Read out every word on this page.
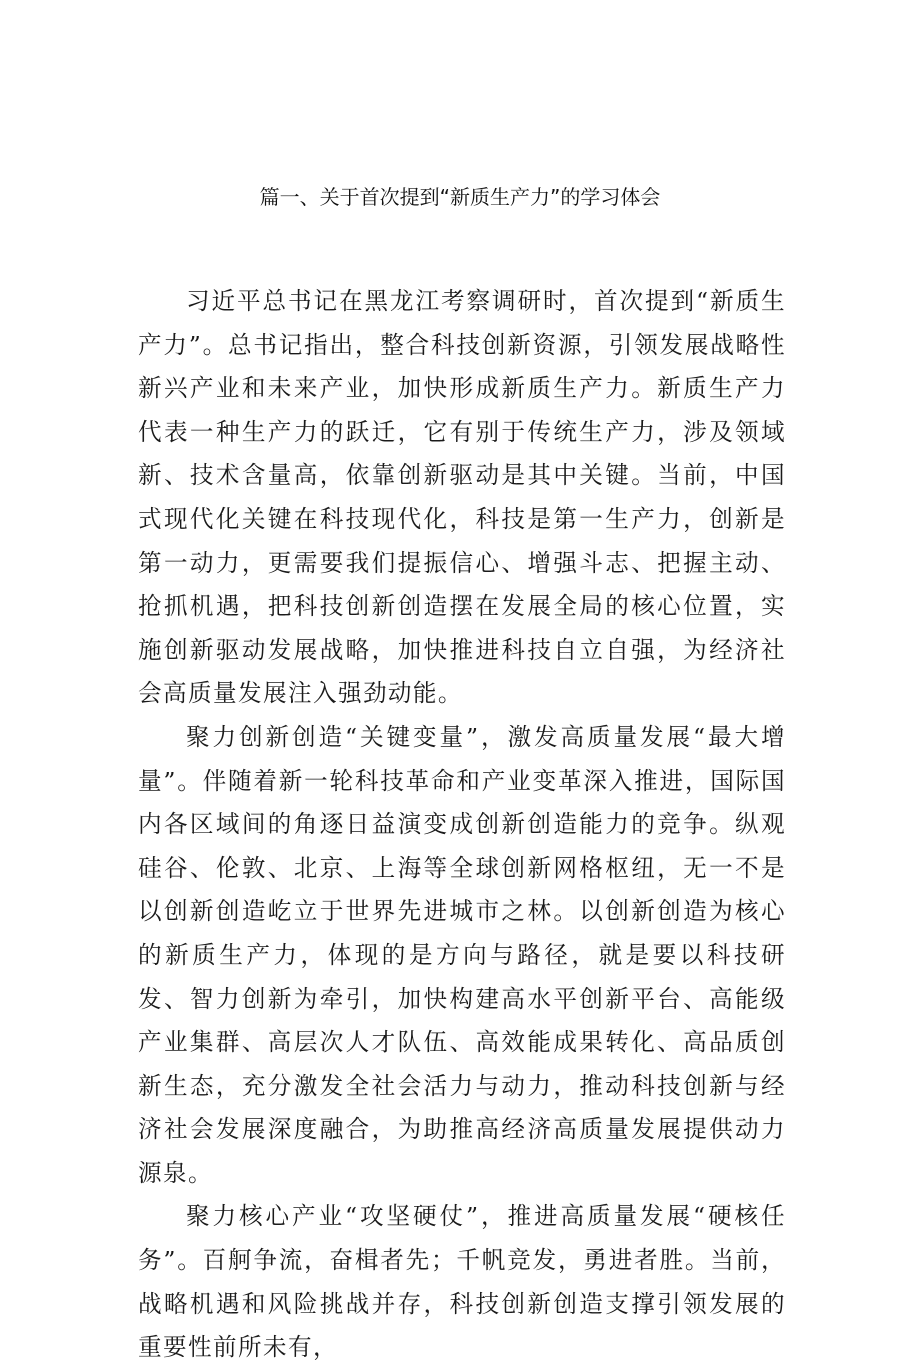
篇一、关于首次提到“新质生产力”的学习体会

习近平总书记在黑龙江考察调研时，首次提到“新质生产力”。总书记指出，整合科技创新资源，引领发展战略性新兴产业和未来产业，加快形成新质生产力。新质生产力代表一种生产力的跃迁，它有别于传统生产力，涉及领域新、技术含量高，依靠创新驱动是其中关键。当前，中国式现代化关键在科技现代化，科技是第一生产力，创新是第一动力，更需要我们提振信心、增强斗志、把握主动、抢抓机遇，把科技创新创造摆在发展全局的核心位置，实施创新驱动发展战略，加快推进科技自立自强，为经济社会高质量发展注入强劲动能。

聚力创新创造“关键变量”，激发高质量发展“最大增量”。伴随着新一轮科技革命和产业变革深入推进，国际国内各区域间的角逐日益演变成创新创造能力的竞争。纵观硅谷、伦敦、北京、上海等全球创新网格枢纽，无一不是以创新创造屹立于世界先进城市之林。以创新创造为核心的新质生产力，体现的是方向与路径，就是要以科技研发、智力创新为牵引，加快构建高水平创新平台、高能级产业集群、高层次人才队伍、高效能成果转化、高品质创新生态，充分激发全社会活力与动力，推动科技创新与经济社会发展深度融合，为助推高经济高质量发展提供动力源泉。

聚力核心产业“攻坚硬仗”，推进高质量发展“硬核任务”。百舸争流，奋楫者先；千帆竞发，勇进者胜。当前，战略机遇和风险挑战并存，科技创新创造支撑引领发展的重要性前所未有，
